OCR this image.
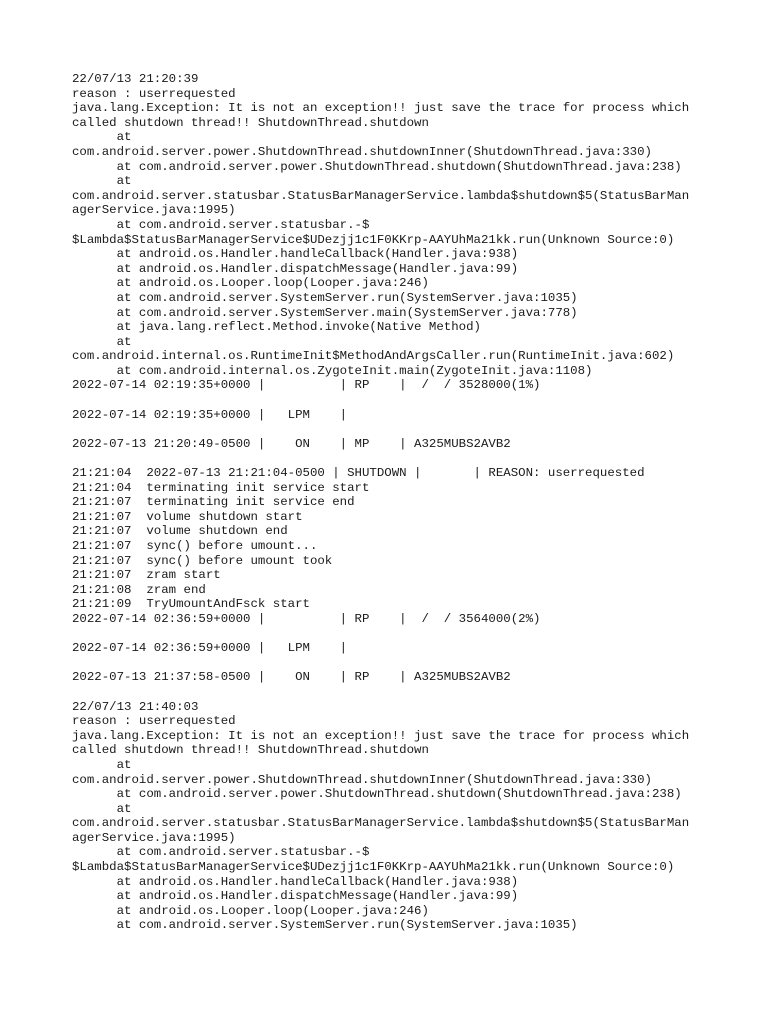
22/07/13 21:20:39
reason : userrequested
java.lang.Exception: It is not an exception!! just save the trace for process which
called shutdown thread!! ShutdownThread.shutdown
at
com.android.server.power.ShutdownThread.shutdownInner(ShutdownThread.java:330)
at com.android.server.power.ShutdownThread.shutdown(ShutdownThread.java:238)
at
com.android.server.statusbar.StatusBarManagerService.lambda$shutdown$5(StatusBarMan
agerService.java:1995)
at com.android.server.statusbar.-$
$Lambda$StatusBarManagerService$UDezjj1c1F0KKrp-AAYUhMa21kk.run(Unknown Source:0)
at android.os.Handler.handleCallback(Handler.java:938)
at android.os.Handler.dispatchMessage(Handler.java:99)
at android.os.Looper.loop(Looper.java:246)
at com.android.server.SystemServer.run(SystemServer.java:1035)
at com.android.server.SystemServer.main(SystemServer.java:778)
at java.lang.reflect.Method.invoke(Native Method)
at
com.android.internal.os.RuntimeInit$MethodAndArgsCaller.run(RuntimeInit.java:602)
at com.android.internal.os.ZygoteInit.main(ZygoteInit.java:1108)
2022-07-14 02:19:35+0000 |          | RP    |  /  / 3528000(1%)
2022-07-14 02:19:35+0000 |   LPM    |
2022-07-13 21:20:49-0500 |    ON    | MP    | A325MUBS2AVB2
21:21:04  2022-07-13 21:21:04-0500 | SHUTDOWN |       | REASON: userrequested
21:21:04  terminating init service start
21:21:07  terminating init service end
21:21:07  volume shutdown start
21:21:07  volume shutdown end
21:21:07  sync() before umount...
21:21:07  sync() before umount took
21:21:07  zram start
21:21:08  zram end
21:21:09  TryUmountAndFsck start
2022-07-14 02:36:59+0000 |          | RP    |  /  / 3564000(2%)
2022-07-14 02:36:59+0000 |   LPM    |
2022-07-13 21:37:58-0500 |    ON    | RP    | A325MUBS2AVB2
22/07/13 21:40:03
reason : userrequested
java.lang.Exception: It is not an exception!! just save the trace for process which
called shutdown thread!! ShutdownThread.shutdown
at
com.android.server.power.ShutdownThread.shutdownInner(ShutdownThread.java:330)
at com.android.server.power.ShutdownThread.shutdown(ShutdownThread.java:238)
at
com.android.server.statusbar.StatusBarManagerService.lambda$shutdown$5(StatusBarMan
agerService.java:1995)
at com.android.server.statusbar.-$
$Lambda$StatusBarManagerService$UDezjj1c1F0KKrp-AAYUhMa21kk.run(Unknown Source:0)
at android.os.Handler.handleCallback(Handler.java:938)
at android.os.Handler.dispatchMessage(Handler.java:99)
at android.os.Looper.loop(Looper.java:246)
at com.android.server.SystemServer.run(SystemServer.java:1035)
